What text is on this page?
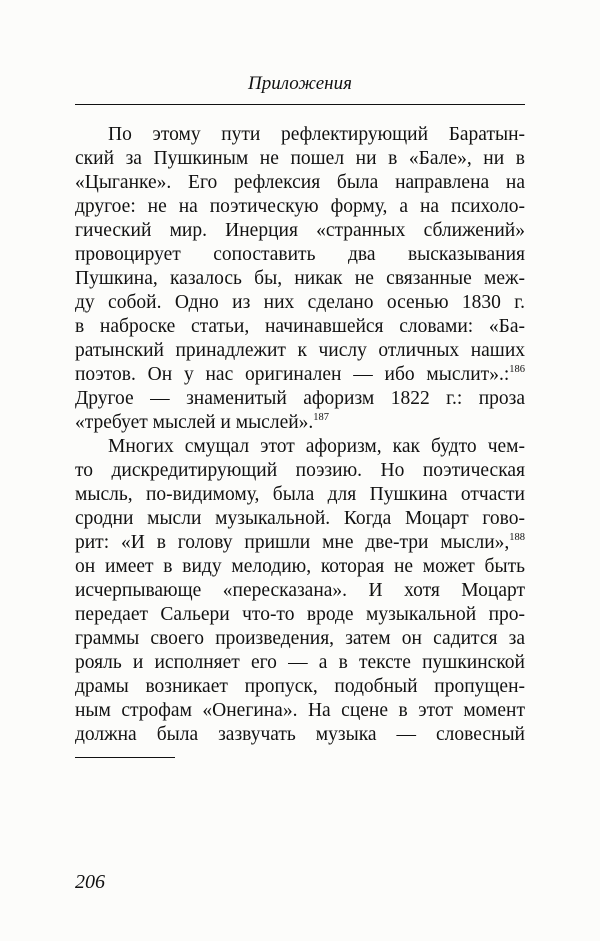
Приложения
По этому пути рефлектирующий Баратын-
ский за Пушкиным не пошел ни в «Бале», ни в
«Цыганке». Его рефлексия была направлена на
другое: не на поэтическую форму, а на психоло-
гический мир. Инерция «странных сближений»
провоцирует сопоставить два высказывания
Пушкина, казалось бы, никак не связанные меж-
ду собой. Одно из них сделано осенью 1830 г.
в наброске статьи, начинавшейся словами: «Ба-
ратынский принадлежит к числу отличных наших
поэтов. Он у нас оригинален — ибо мыслит».:$^{186}$
Другое — знаменитый афоризм 1822 г.: проза
«требует мыслей и мыслей».$^{187}$
Многих смущал этот афоризм, как будто чем-
то дискредитирующий поэзию. Но поэтическая
мысль, по-видимому, была для Пушкина отчасти
сродни мысли музыкальной. Когда Моцарт гово-
рит: «И в голову пришли мне две-три мысли»,$^{188}$
он имеет в виду мелодию, которая не может быть
исчерпывающе «пересказана». И хотя Моцарт
передает Сальери что-то вроде музыкальной про-
граммы своего произведения, затем он садится за
рояль и исполняет его — а в тексте пушкинской
драмы возникает пропуск, подобный пропущен-
ным строфам «Онегина». На сцене в этот момент
должна была зазвучать музыка — словесный
206
